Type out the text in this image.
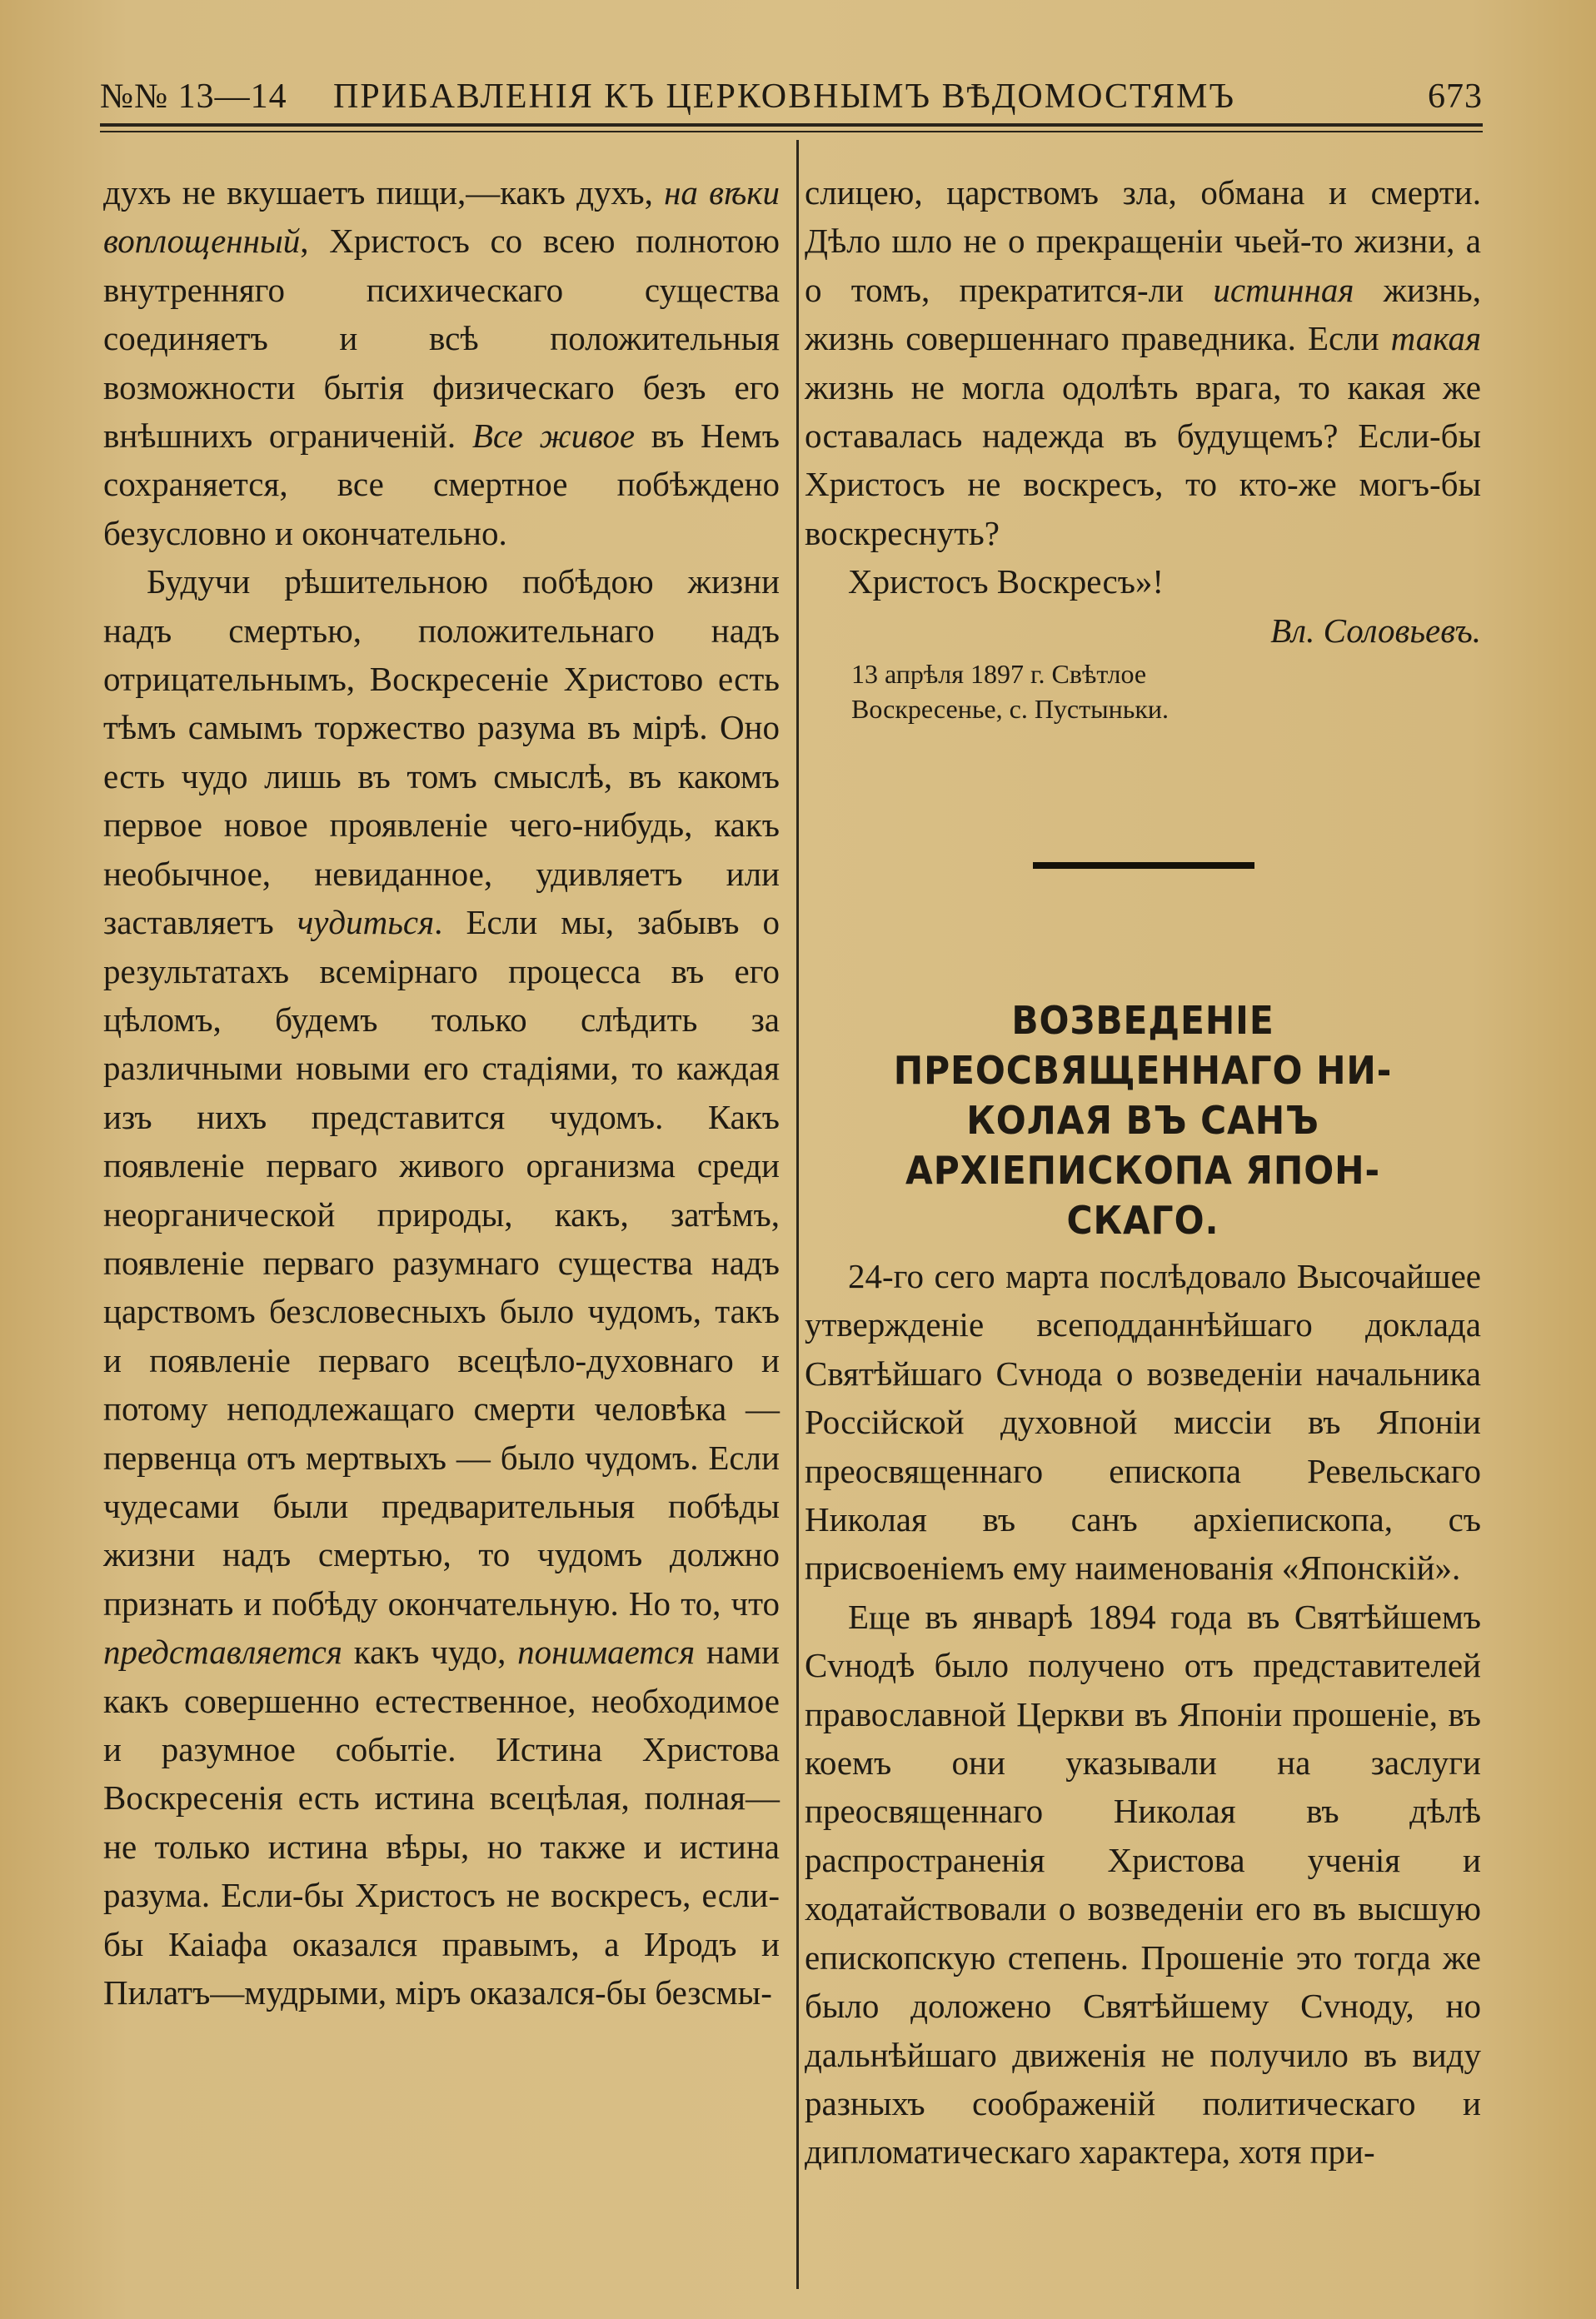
№№ 13—14 ПРИБАВЛЕНІЯ КЪ ЦЕРКОВНЫМЪ ВѢДОМОСТЯМЪ	673

духъ не вкушаетъ пищи,—какъ духъ, на вѣки воплощенный, Христосъ со всею полнотою внутренняго психическаго существа соединяетъ и всѣ положительныя возможности бытія физическаго безъ его внѣшнихъ ограниченій. Все живое въ Немъ сохраняется, все смертное побѣждено безусловно и окончательно.

Будучи рѣшительною побѣдою жизни надъ смертью, положительнаго надъ отрицательнымъ, Воскресеніе Христово есть тѣмъ самымъ торжество разума въ мірѣ. Оно есть чудо лишь въ томъ смыслѣ, въ какомъ первое новое проявленіе чего-нибудь, какъ необычное, невиданное, удивляетъ или заставляетъ чудиться. Если мы, забывъ о результатахъ всемірнаго процесса въ его цѣломъ, будемъ только слѣдить за различными новыми его стадіями, то каждая изъ нихъ представится чудомъ. Какъ появленіе перваго живого организма среди неорганической природы, какъ, затѣмъ, появленіе перваго разумнаго существа надъ царствомъ безсловесныхъ было чудомъ, такъ и появленіе перваго всецѣло-духовнаго и потому неподлежащаго смерти человѣка — первенца отъ мертвыхъ — было чудомъ. Если чудесами были предварительныя побѣды жизни надъ смертью, то чудомъ должно признать и побѣду окончательную. Но то, что представляется какъ чудо, понимается нами какъ совершенно естественное, необходимое и разумное событіе. Истина Христова Воскресенія есть истина всецѣлая, полная—не только истина вѣры, но также и истина разума. Если-бы Христосъ не воскресъ, если-бы Каіафа оказался правымъ, а Иродъ и Пилатъ—мудрыми, міръ оказался-бы безсмы-

слицею, царствомъ зла, обмана и смерти. Дѣло шло не о прекращеніи чьей-то жизни, а о томъ, прекратится-ли истинная жизнь, жизнь совершеннаго праведника. Если такая жизнь не могла одолѣть врага, то какая же оставалась надежда въ будущемъ? Если-бы Христосъ не воскресъ, то кто-же могъ-бы воскреснуть?

Христосъ Воскресъ»!

Вл. Соловьевъ.

13 апрѣля 1897 г. Свѣтлое
Воскресенье, с. Пустыньки.

ВОЗВЕДЕНІЕ ПРЕОСВЯЩЕННАГО НИ-
КОЛАЯ ВЪ САНЪ АРХІЕПИСКОПА ЯПОН-
СКАГО.

24-го сего марта послѣдовало Высочайшее утвержденіе всеподданнѣйшаго доклада Святѣйшаго Сvнода о возведеніи начальника Россійской духовной миссіи въ Японіи преосвященнаго епископа Ревельскаго Николая въ санъ архіепископа, съ присвоеніемъ ему наименованія «Японскій».

Еще въ январѣ 1894 года въ Святѣйшемъ Сvнодѣ было получено отъ представителей православной Церкви въ Японіи прошеніе, въ коемъ они указывали на заслуги преосвященнаго Николая въ дѣлѣ распространенія Христова ученія и ходатайствовали о возведеніи его въ высшую епископскую степень. Прошеніе это тогда же было доложено Святѣйшему Сvноду, но дальнѣйшаго движенія не получило въ виду разныхъ соображеній политическаго и дипломатическаго характера, хотя при-
